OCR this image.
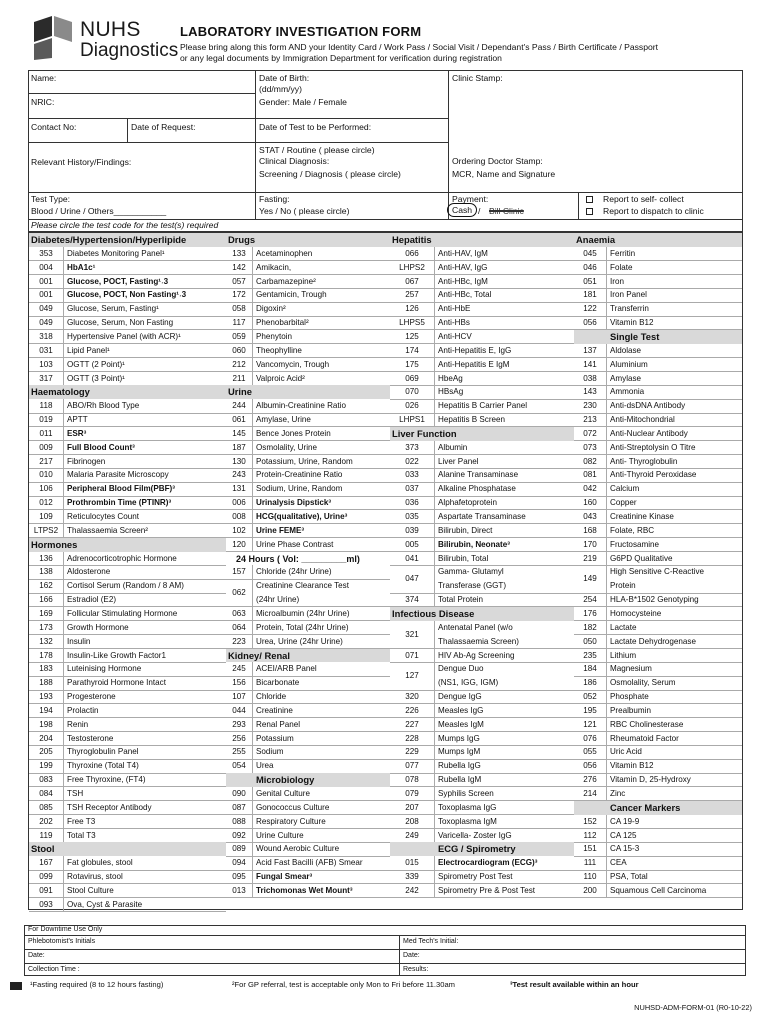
NUHS
Diagnostics
LABORATORY INVESTIGATION FORM
Please bring along this form AND your Identity Card / Work Pass / Social Visit / Dependant's Pass / Birth Certificate / Passport
or any legal documents by Immigration Department for verification during registration
Name:	Date of Birth:
(dd/mm/yy)
Clinic Stamp:
NRIC:	Gender: Male / Female
Contact No:	Date of Request:	Date of Test to be Performed:
STAT / Routine ( please circle)
Relevant History/Findings:	Clinical Diagnosis:
Screening / Diagnosis ( please circle)
Ordering Doctor Stamp:
MCR, Name and Signature
Test Type:
Blood / Urine / Others___________
Fasting:
Yes / No ( please circle)
Payment:
Cash / Bill Clinic
Report to self- collect
Report to dispatch to clinic
Please circle the test code for the test(s) required
Diabetes/Hypertension/Hyperlipide
353	Diabetes Monitoring Panel¹
004	HbA1c¹
001	Glucose, POCT, Fasting¹˒3
001	Glucose, POCT, Non Fasting¹˒3
049	Glucose, Serum, Fasting¹
049	Glucose, Serum, Non Fasting
318	Hypertensive Panel (with ACR)¹
031	Lipid Panel¹
103	OGTT (2 Point)¹
317	OGTT (3 Point)¹
Haematology
118	ABO/Rh Blood Type
019	APTT
011	ESR³
009	Full Blood Count³
217	Fibrinogen
010	Malaria Parasite Microscopy
106	Peripheral Blood Film(PBF)³
012	Prothrombin Time (PTINR)³
109	Reticulocytes Count
LTPS2	Thalassaemia Screen²
Hormones
136	Adrenocorticotrophic Hormone
138	Aldosterone
162	Cortisol Serum (Random / 8 AM)
166	Estradiol (E2)
169	Follicular Stimulating Hormone
173	Growth Hormone
132	Insulin
178	Insulin-Like Growth Factor1
183	Luteinising Hormone
188	Parathyroid Hormone Intact
193	Progesterone
194	Prolactin
198	Renin
204	Testosterone
205	Thyroglobulin Panel
199	Thyroxine (Total T4)
083	Free Thyroxine, (FT4)
084	TSH
085	TSH Receptor Antibody
202	Free T3
119	Total T3
Stool
167	Fat globules, stool
099	Rotavirus, stool
091	Stool Culture
093	Ova, Cyst & Parasite
Drugs
133	Acetaminophen
142	Amikacin,
057	Carbamazepine²
172	Gentamicin, Trough
058	Digoxin²
117	Phenobarbital²
059	Phenytoin
060	Theophylline
212	Vancomycin, Trough
211	Valproic Acid²
Urine
244	Albumin-Creatinine Ratio
061	Amylase, Urine
145	Bence Jones Protein
187	Osmolality, Urine
130	Potassium, Urine, Random
243	Protein-Creatinine Ratio
131	Sodium, Urine, Random
006	Urinalysis Dipstick³
008	HCG(qualitative), Urine³
102	Urine FEME³
120	Urine Phase Contrast
24 Hours ( Vol: _________ml)
157	Chloride (24hr Urine)
062
Creatinine Clearance Test
(24hr Urine)
063	Microalbumin (24hr Urine)
064	Protein, Total (24hr Urine)
223	Urea, Urine (24hr Urine)
Kidney/ Renal
245	ACEI/ARB Panel
156	Bicarbonate
107	Chloride
044	Creatinine
293	Renal Panel
256	Potassium
255	Sodium
054	Urea
Microbiology
090	Genital Culture
087	Gonococcus Culture
088	Respiratory Culture
092	Urine Culture
089	Wound Aerobic Culture
094	Acid Fast Bacilli (AFB) Smear
095	Fungal Smear³
013	Trichomonas Wet Mount³
Hepatitis
066	Anti-HAV, IgM
LHPS2	Anti-HAV, IgG
067	Anti-HBc, IgM
257	Anti-HBc, Total
126	Anti-HbE
LHPS5	Anti-HBs
125	Anti-HCV
174	Anti-Hepatitis E, IgG
175	Anti-Hepatitis E IgM
069	HbeAg
070	HBsAg
026	Hepatitis B Carrier Panel
LHPS1	Hepatitis B Screen
Liver Function
373	Albumin
022	Liver Panel
033	Alanine Transaminase
037	Alkaline Phosphatase
036	Alphafetoprotein
035	Aspartate Transaminase
039	Bilirubin, Direct
005	Bilirubin, Neonate³
041	Bilirubin, Total
047
Gamma- Glutamyl
Transferase (GGT)
374	Total Protein
Infectious Disease
321
Antenatal Panel (w/o
Thalassaemia Screen)
071	HIV Ab-Ag Screening
127
Dengue Duo
(NS1, IGG, IGM)
320	Dengue IgG
226	Measles IgG
227	Measles IgM
228	Mumps IgG
229	Mumps IgM
077	Rubella IgG
078	Rubella IgM
079	Syphilis Screen
207	Toxoplasma IgG
208	Toxoplasma IgM
249	Varicella- Zoster IgG
ECG / Spirometry
015	Electrocardiogram (ECG)³
339	Spirometry Post Test
242	Spirometry Pre & Post Test
Anaemia
045	Ferritin
046	Folate
051	Iron
181	Iron Panel
122	Transferrin
056	Vitamin B12
Single Test
137	Aldolase
141	Aluminium
038	Amylase
143	Ammonia
230	Anti-dsDNA Antibody
213	Anti-Mitochondrial
072	Anti-Nuclear Antibody
073	Anti-Streptolysin O Titre
082	Anti- Thyroglobulin
081	Anti-Thyroid Peroxidase
042	Calcium
160	Copper
043	Creatinine Kinase
168	Folate, RBC
170	Fructosamine
219	G6PD Qualitative
149
High Sensitive C-Reactive
Protein
254	HLA-B*1502 Genotyping
176	Homocysteine
182	Lactate
050	Lactate Dehydrogenase
235	Lithium
184	Magnesium
186	Osmolality, Serum
052	Phosphate
195	Prealbumin
121	RBC Cholinesterase
076	Rheumatoid Factor
055	Uric Acid
056	Vitamin B12
276	Vitamin D, 25-Hydroxy
214	Zinc
Cancer Markers
152	CA 19-9
112	CA 125
151	CA 15-3
111	CEA
110	PSA, Total
200	Squamous Cell Carcinoma
For Downtime Use Only
Phlebotomist's Initials	Med Tech's Initial:
Date:	Date:
Collection Time :	Results:
¹Fasting required (8 to 12 hours fasting)	²For GP referral, test is acceptable only Mon to Fri before 11.30am	³Test result available within an hour
NUHSD-ADM-FORM-01 (R0-10-22)
